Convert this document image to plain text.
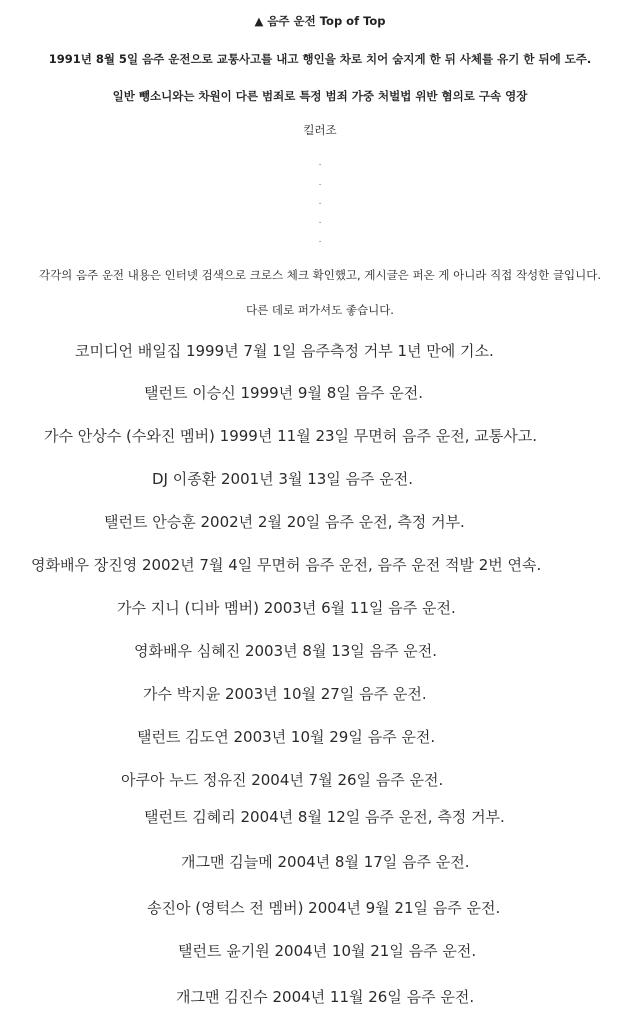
▲ 음주 운전 Top of Top
1991년 8월 5일 음주 운전으로 교통사고를 내고 행인을 차로 치어 숨지게 한 뒤 사체를 유기 한 뒤에 도주.
일반 뺑소니와는 차원이 다른 범죄로 특정 범죄 가중 처벌법 위반 혐의로 구속 영장
킬러조
.
.
.
.
.
각각의 음주 운전 내용은 인터넷 검색으로 크로스 체크 확인했고, 게시글은 퍼온 게 아니라 직접 작성한 글입니다.
다른 데로 퍼가셔도 좋습니다.
코미디언 배일집 1999년 7월 1일 음주측정 거부 1년 만에 기소.
탤런트 이승신 1999년 9월 8일 음주 운전.
가수 안상수 (수와진 멤버) 1999년 11월 23일 무면허 음주 운전, 교통사고.
DJ 이종환 2001년 3월 13일 음주 운전.
탤런트 안승훈 2002년 2월 20일 음주 운전, 측정 거부.
영화배우 장진영 2002년 7월 4일 무면허 음주 운전, 음주 운전 적발 2번 연속.
가수 지니 (디바 멤버) 2003년 6월 11일 음주 운전.
영화배우 심혜진 2003년 8월 13일 음주 운전.
가수 박지윤 2003년 10월 27일 음주 운전.
탤런트 김도연 2003년 10월 29일 음주 운전.
아쿠아 누드 정유진 2004년 7월 26일 음주 운전.
탤런트 김혜리 2004년 8월 12일 음주 운전, 측정 거부.
개그맨 김늘메 2004년 8월 17일 음주 운전.
송진아 (영턱스 전 멤버) 2004년 9월 21일 음주 운전.
탤런트 윤기원 2004년 10월 21일 음주 운전.
개그맨 김진수 2004년 11월 26일 음주 운전.
